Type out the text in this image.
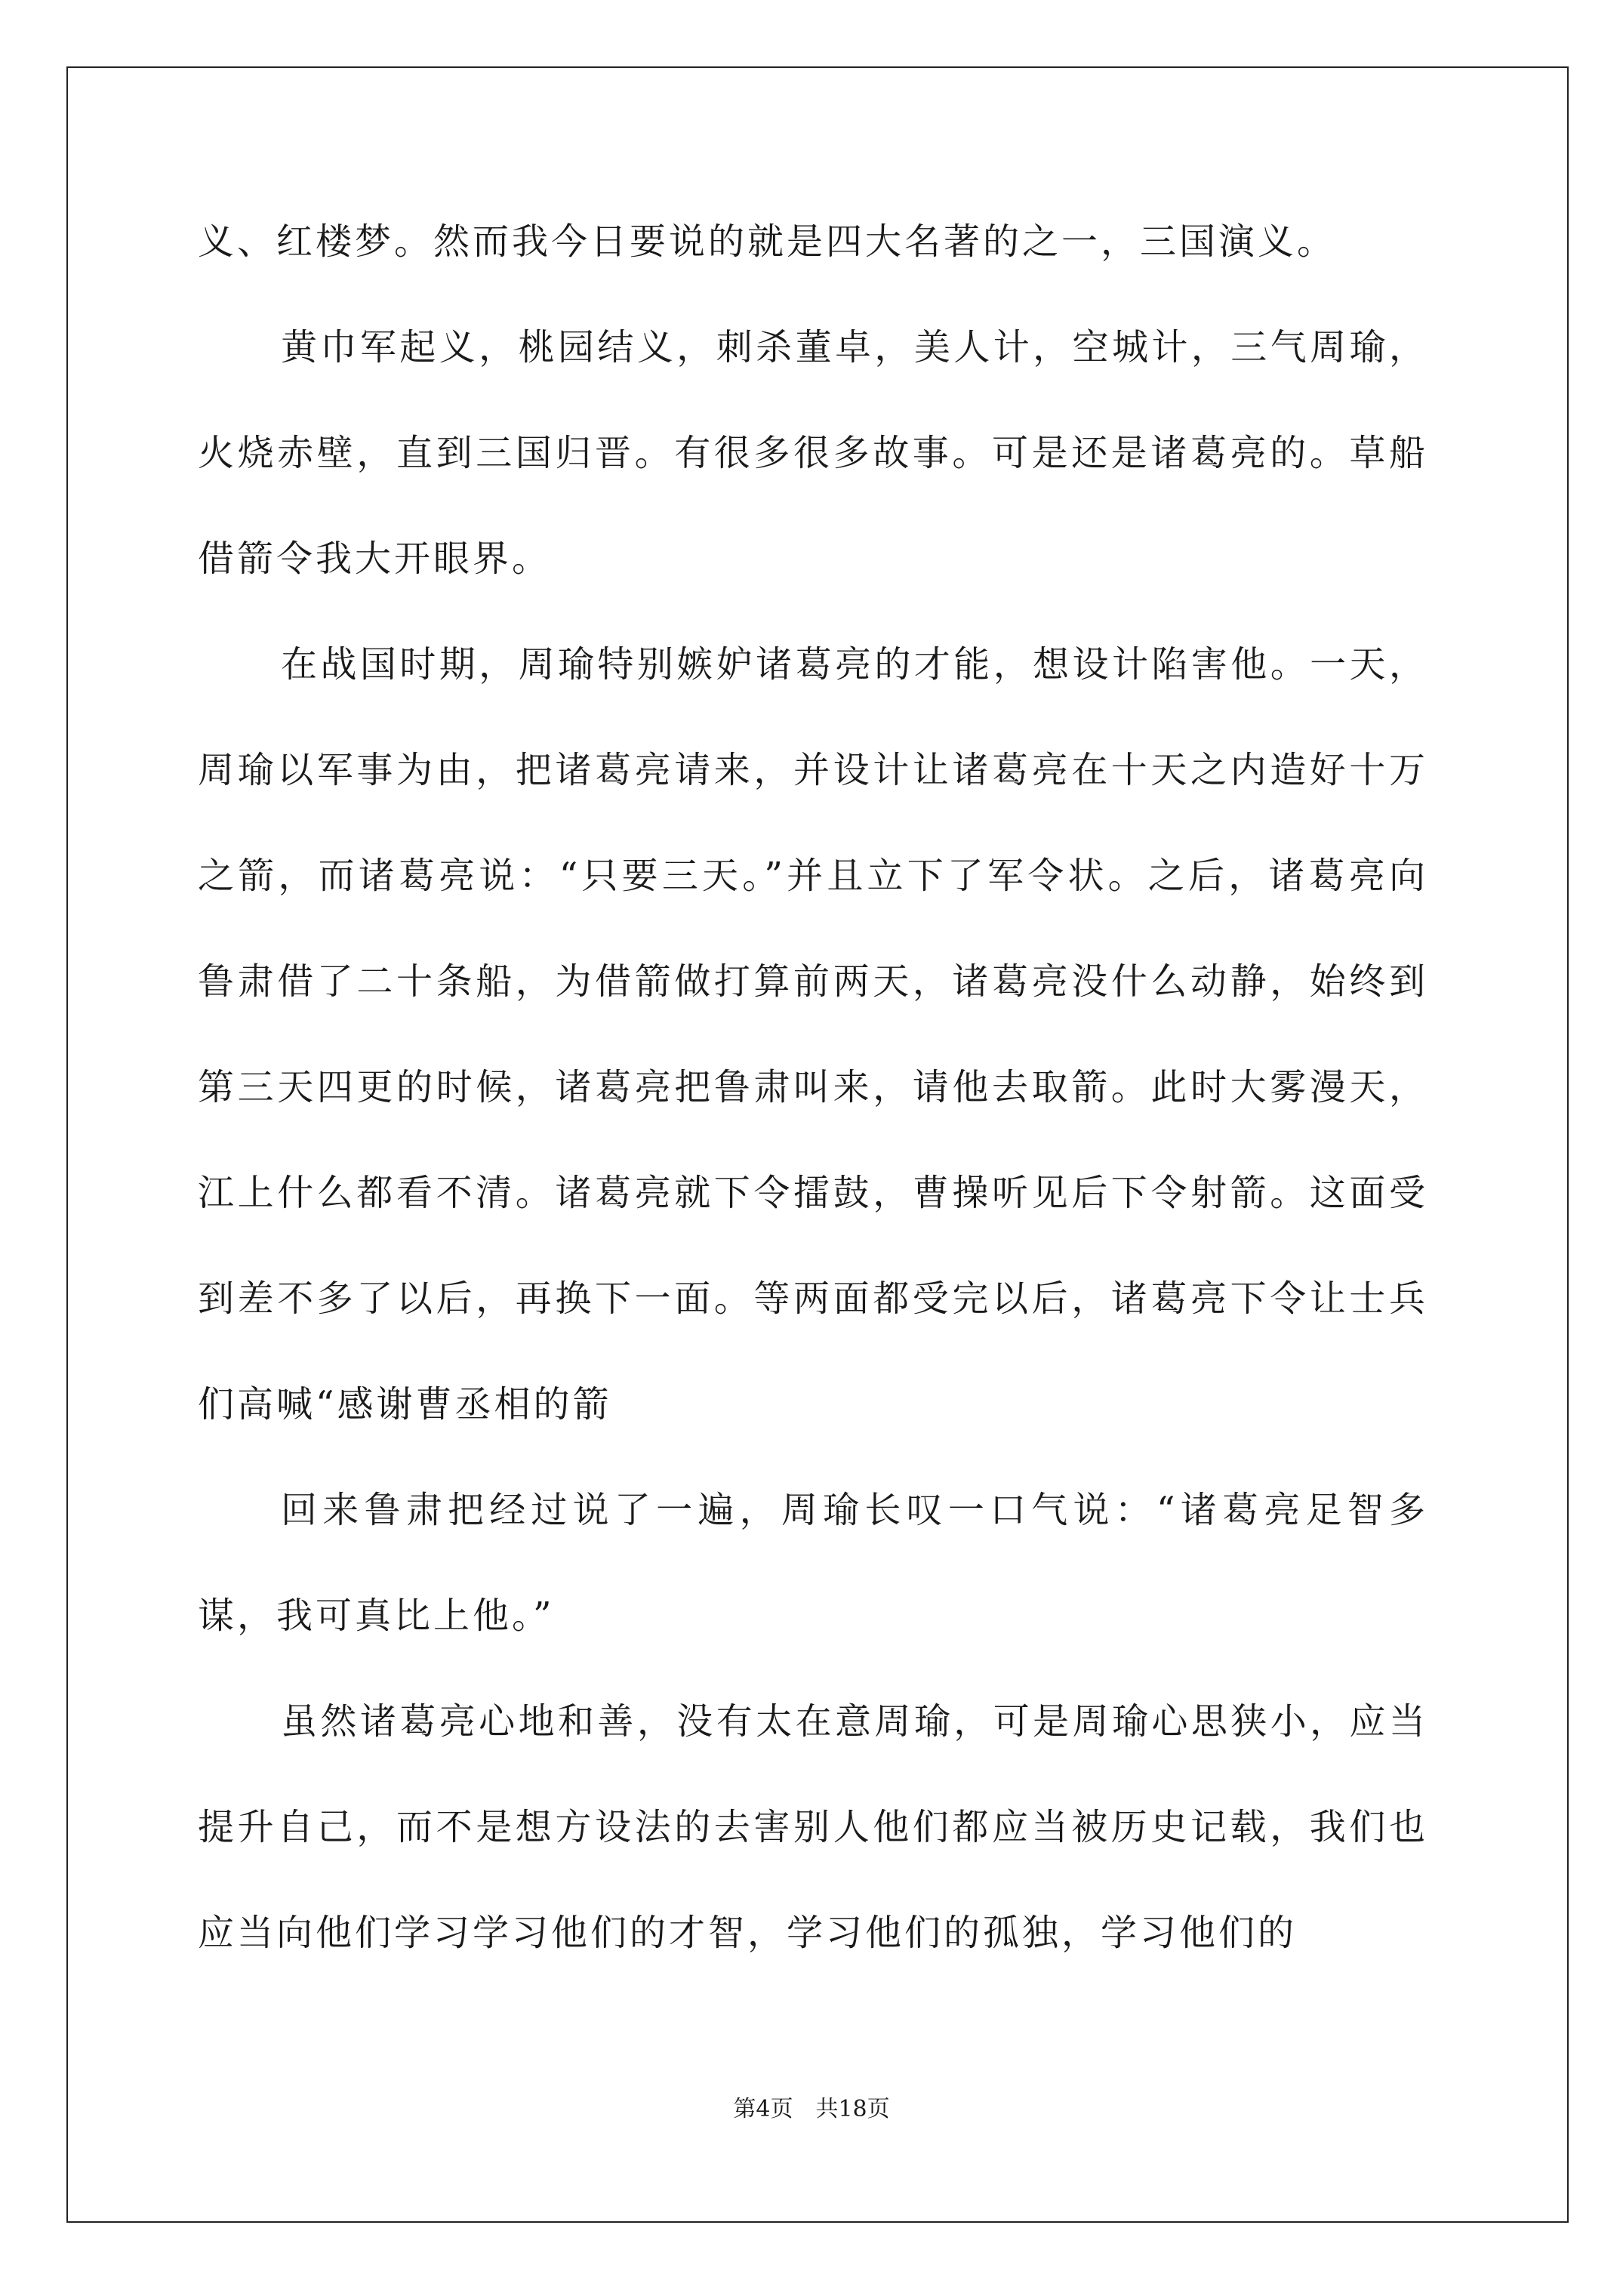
义、红楼梦。然而我今日要说的就是四大名著的之一，三国演义。

黄巾军起义，桃园结义，刺杀董卓，美人计，空城计，三气周瑜，火烧赤壁，直到三国归晋。有很多很多故事。可是还是诸葛亮的。草船借箭令我大开眼界。

在战国时期，周瑜特别嫉妒诸葛亮的才能，想设计陷害他。一天，周瑜以军事为由，把诸葛亮请来，并设计让诸葛亮在十天之内造好十万之箭，而诸葛亮说：“只要三天。”并且立下了军令状。之后，诸葛亮向鲁肃借了二十条船，为借箭做打算前两天，诸葛亮没什么动静，始终到第三天四更的时候，诸葛亮把鲁肃叫来，请他去取箭。此时大雾漫天，江上什么都看不清。诸葛亮就下令擂鼓，曹操听见后下令射箭。这面受到差不多了以后，再换下一面。等两面都受完以后，诸葛亮下令让士兵们高喊“感谢曹丞相的箭

回来鲁肃把经过说了一遍，周瑜长叹一口气说：“诸葛亮足智多谋，我可真比上他。”

虽然诸葛亮心地和善，没有太在意周瑜，可是周瑜心思狭小，应当提升自己，而不是想方设法的去害别人他们都应当被历史记载，我们也应当向他们学习学习他们的才智，学习他们的孤独，学习他们的

第4页　共18页
